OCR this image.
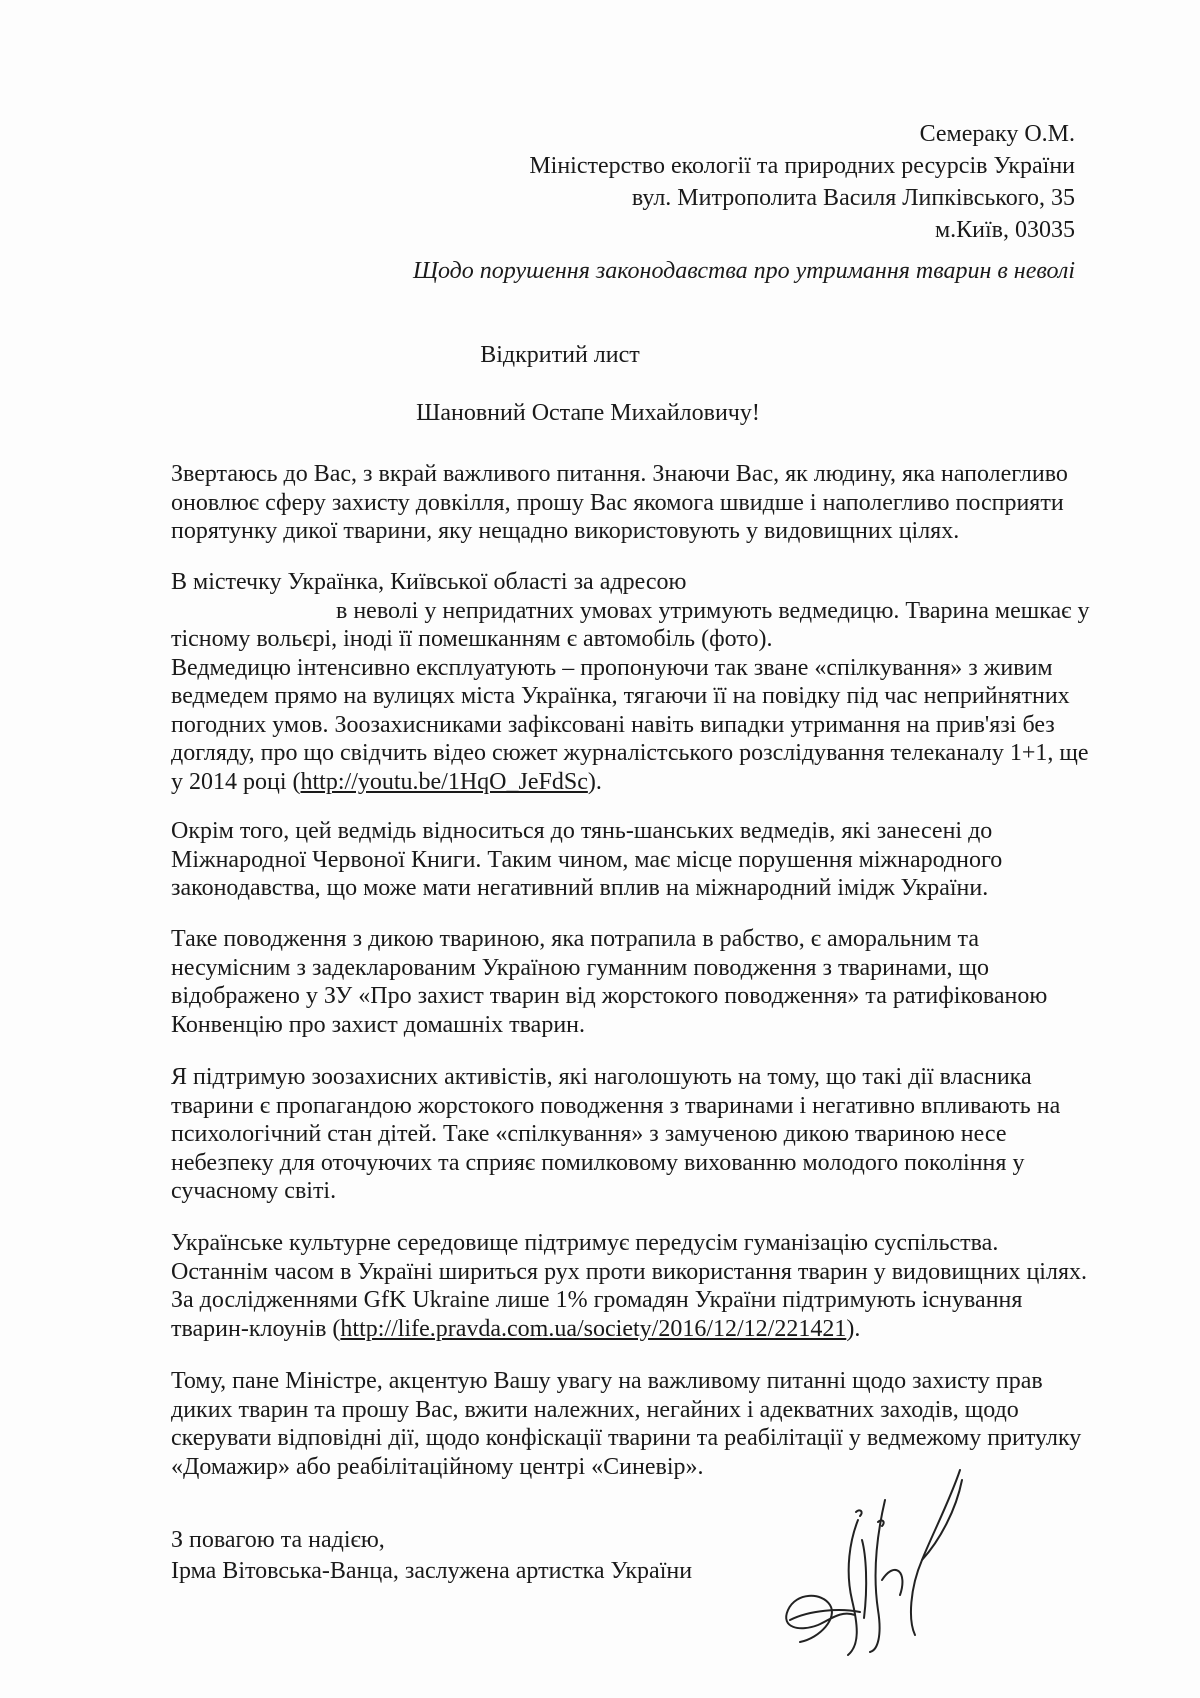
Семераку О.М.
Міністерство екології та природних ресурсів України
вул. Митрополита Василя Липківського, 35
м.Київ, 03035
Щодо порушення законодавства про утримання тварин в неволі
Відкритий лист
Шановний Остапе Михайловичу!
Звертаюсь до Вас, з вкрай важливого питання. Знаючи Вас, як людину, яка наполегливо
оновлює сферу захисту довкілля, прошу Вас якомога швидше і наполегливо посприяти
порятунку дикої тварини, яку нещадно використовують у видовищних цілях.
В містечку Українка, Київської області за адресою
в неволі у непридатних умовах утримують ведмедицю. Тварина мешкає у
тісному вольєрі, іноді її помешканням є автомобіль (фото).
Ведмедицю інтенсивно експлуатують – пропонуючи так зване «спілкування» з живим
ведмедем прямо на вулицях міста Українка, тягаючи її на повідку під час неприйнятних
погодних умов. Зоозахисниками зафіксовані навіть випадки утримання на прив'язі без
догляду, про що свідчить відео сюжет журналістського розслідування телеканалу 1+1, ще
у 2014 році (http://youtu.be/1HqO_JeFdSc).
Окрім того, цей ведмідь відноситься до тянь-шанських ведмедів, які занесені до
Міжнародної Червоної Книги. Таким чином, має місце порушення міжнародного
законодавства, що може мати негативний вплив на міжнародний імідж України.
Таке поводження з дикою твариною, яка потрапила в рабство, є аморальним та
несумісним з задекларованим Україною гуманним поводження з тваринами, що
відображено у ЗУ «Про захист тварин від жорстокого поводження» та ратифікованою
Конвенцію про захист домашніх тварин.
Я підтримую зоозахисних активістів, які наголошують на тому, що такі дії власника
тварини є пропагандою жорстокого поводження з тваринами і негативно впливають на
психологічний стан дітей. Таке «спілкування» з замученою дикою твариною несе
небезпеку для оточуючих та сприяє помилковому вихованню молодого покоління у
сучасному світі.
Українське культурне середовище підтримує передусім гуманізацію суспільства.
Останнім часом в Україні шириться рух проти використання тварин у видовищних цілях.
За дослідженнями GfK Ukraine лише 1% громадян України підтримують існування
тварин-клоунів (http://life.pravda.com.ua/society/2016/12/12/221421).
Тому, пане Міністре, акцентую Вашу увагу на важливому питанні щодо захисту прав
диких тварин та прошу Вас, вжити належних, негайних і адекватних заходів, щодо
скерувати відповідні дії, щодо конфіскації тварини та реабілітації у ведмежому притулку
«Домажир» або реабілітаційному центрі «Синевір».
З повагою та надією,
Ірма Вітовська-Ванца, заслужена артистка України
